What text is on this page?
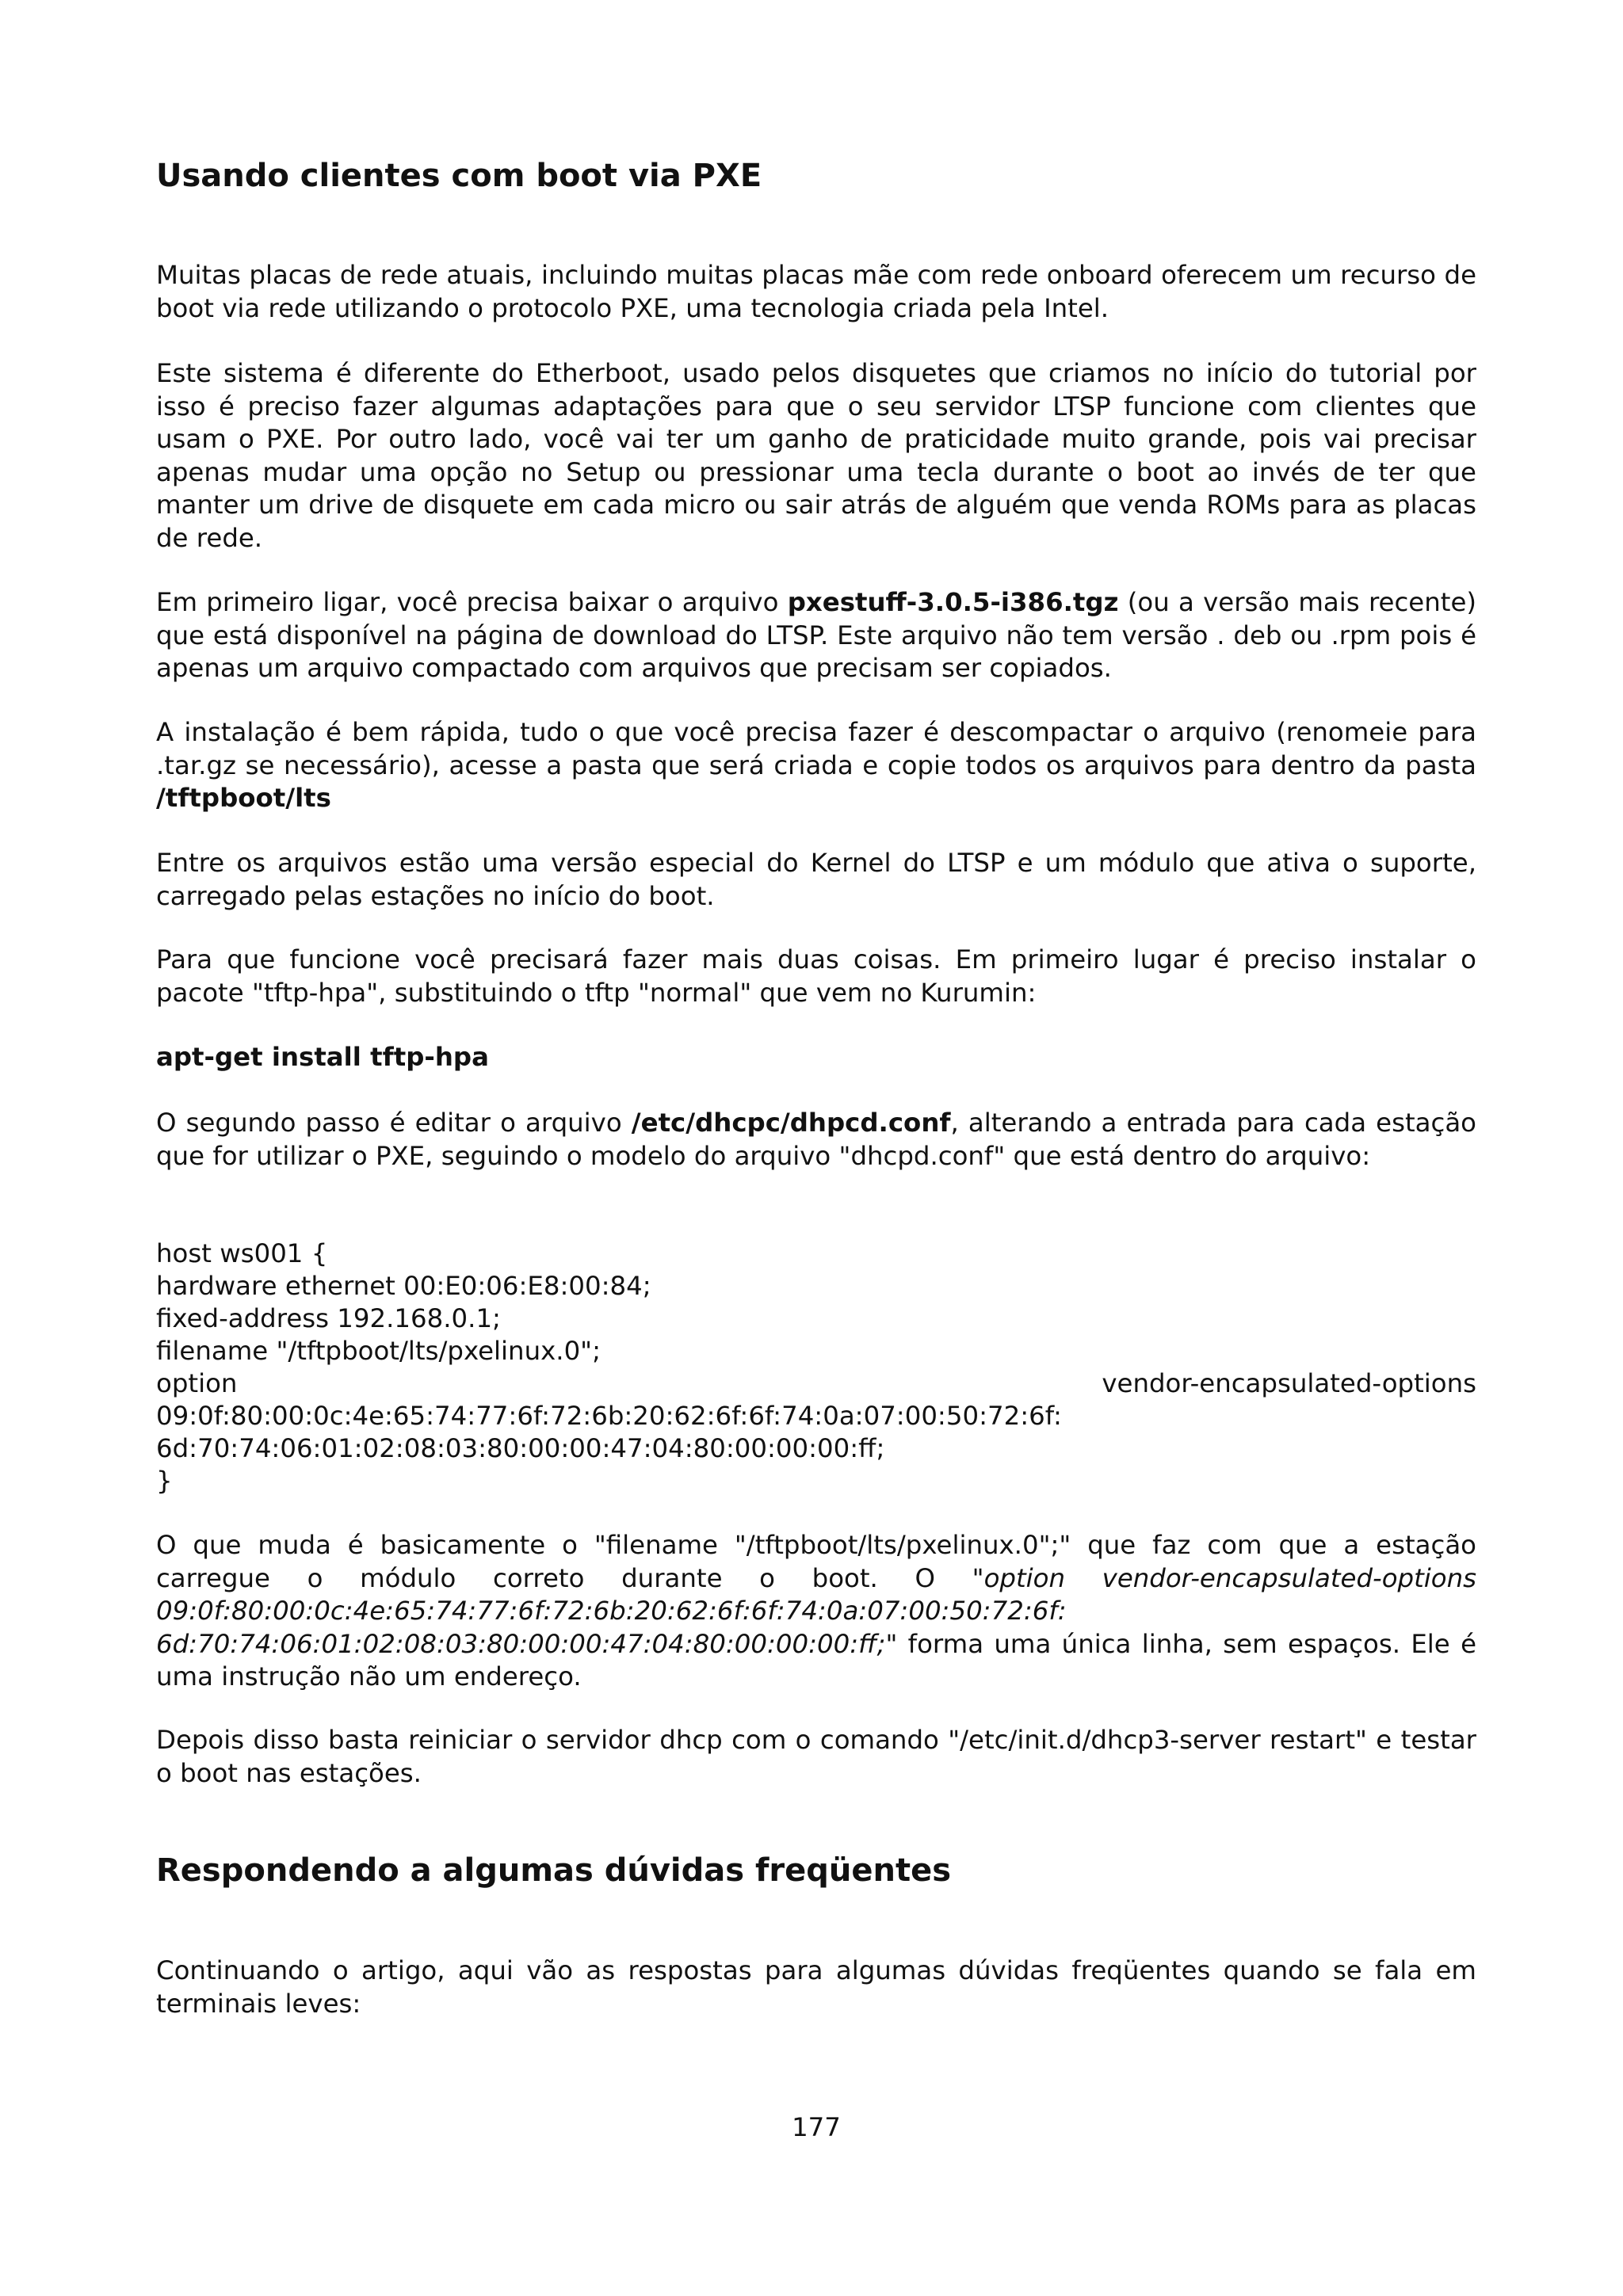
Usando clientes com boot via PXE

Muitas placas de rede atuais, incluindo muitas placas mãe com rede onboard oferecem um recurso de boot via rede utilizando o protocolo PXE, uma tecnologia criada pela Intel.

Este sistema é diferente do Etherboot, usado pelos disquetes que criamos no início do tutorial por isso é preciso fazer algumas adaptações para que o seu servidor LTSP funcione com clientes que usam o PXE. Por outro lado, você vai ter um ganho de praticidade muito grande, pois vai precisar apenas mudar uma opção no Setup ou pressionar uma tecla durante o boot ao invés de ter que manter um drive de disquete em cada micro ou sair atrás de alguém que venda ROMs para as placas de rede.

Em primeiro ligar, você precisa baixar o arquivo pxestuff-3.0.5-i386.tgz (ou a versão mais recente) que está disponível na página de download do LTSP. Este arquivo não tem versão . deb ou .rpm pois é apenas um arquivo compactado com arquivos que precisam ser copiados.

A instalação é bem rápida, tudo o que você precisa fazer é descompactar o arquivo (renomeie para .tar.gz se necessário), acesse a pasta que será criada e copie todos os arquivos para dentro da pasta /tftpboot/lts

Entre os arquivos estão uma versão especial do Kernel do LTSP e um módulo que ativa o suporte, carregado pelas estações no início do boot.

Para que funcione você precisará fazer mais duas coisas. Em primeiro lugar é preciso instalar o pacote "tftp-hpa", substituindo o tftp "normal" que vem no Kurumin:

apt-get install tftp-hpa

O segundo passo é editar o arquivo /etc/dhcpc/dhpcd.conf, alterando a entrada para cada estação que for utilizar o PXE, seguindo o modelo do arquivo "dhcpd.conf" que está dentro do arquivo:

host ws001 {

hardware ethernet 00:E0:06:E8:00:84;

fixed-address 192.168.0.1;

filename "/tftpboot/lts/pxelinux.0";

option	vendor-encapsulated-options

09:0f:80:00:0c:4e:65:74:77:6f:72:6b:20:62:6f:6f:74:0a:07:00:50:72:6f:

6d:70:74:06:01:02:08:03:80:00:00:47:04:80:00:00:00:ff;

}

O que muda é basicamente o "filename "/tftpboot/lts/pxelinux.0";" que faz com que a estação carregue o módulo correto durante o boot. O "option vendor-encapsulated-options 09:0f:80:00:0c:4e:65:74:77:6f:72:6b:20:62:6f:6f:74:0a:07:00:50:72:6f: 6d:70:74:06:01:02:08:03:80:00:00:47:04:80:00:00:00:ff;" forma uma única linha, sem espaços. Ele é uma instrução não um endereço.

Depois disso basta reiniciar o servidor dhcp com o comando "/etc/init.d/dhcp3-server restart" e testar o boot nas estações.

Respondendo a algumas dúvidas freqüentes

Continuando o artigo, aqui vão as respostas para algumas dúvidas freqüentes quando se fala em terminais leves:

177
